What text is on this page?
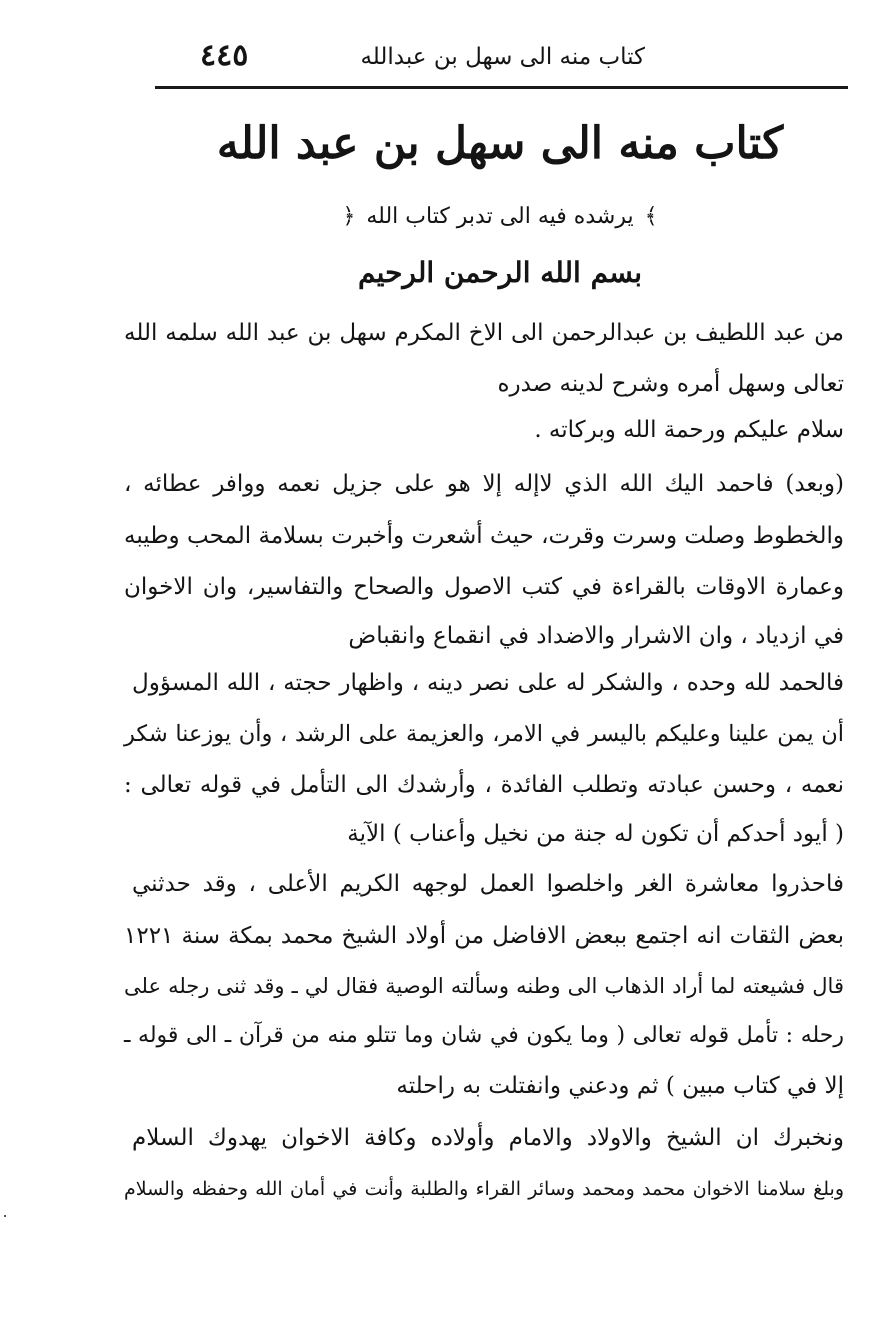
كتاب منه الى سهل بن عبدالله
٤٤٥
كتاب منه الى سهل بن عبد الله
﴾ يرشده فيه الى تدبر كتاب الله ﴿
بسم الله الرحمن الرحيم
من عبد اللطيف بن عبدالرحمن الى الاخ المكرم سهل بن عبد الله سلمه الله
تعالى وسهل أمره وشرح لدينه صدره
سلام عليكم ورحمة الله وبركاته .
(وبعد) فاحمد اليك الله الذي لاإله إلا هو على جزيل نعمه ووافر عطائه ،
والخطوط وصلت وسرت وقرت، حيث أشعرت وأخبرت بسلامة المحب وطيبه
وعمارة الاوقات بالقراءة في كتب الاصول والصحاح والتفاسير، وان الاخوان
في ازدياد ، وان الاشرار والاضداد في انقماع وانقباض
فالحمد لله وحده ، والشكر له على نصر دينه ، واظهار حجته ، الله المسؤول
أن يمن علينا وعليكم باليسر في الامر، والعزيمة على الرشد ، وأن يوزعنا شكر
نعمه ، وحسن عبادته وتطلب الفائدة ، وأرشدك الى التأمل في قوله تعالى :
( أيود أحدكم أن تكون له جنة من نخيل وأعناب ) الآية
فاحذروا معاشرة الغر واخلصوا العمل لوجهه الكريم الأعلى ، وقد حدثني
بعض الثقات انه اجتمع ببعض الافاضل من أولاد الشيخ محمد بمكة سنة ١٢٢١
قال فشيعته لما أراد الذهاب الى وطنه وسألته الوصية فقال لي ـ وقد ثنى رجله على
رحله : تأمل قوله تعالى ( وما يكون في شان وما تتلو منه من قرآن ـ الى قوله ـ
إلا في كتاب مبين ) ثم ودعني وانفتلت به راحلته
ونخبرك ان الشيخ والاولاد والامام وأولاده وكافة الاخوان يهدوك السلام
وبلغ سلامنا الاخوان محمد ومحمد وسائر القراء والطلبة وأنت في أمان الله وحفظه والسلام
